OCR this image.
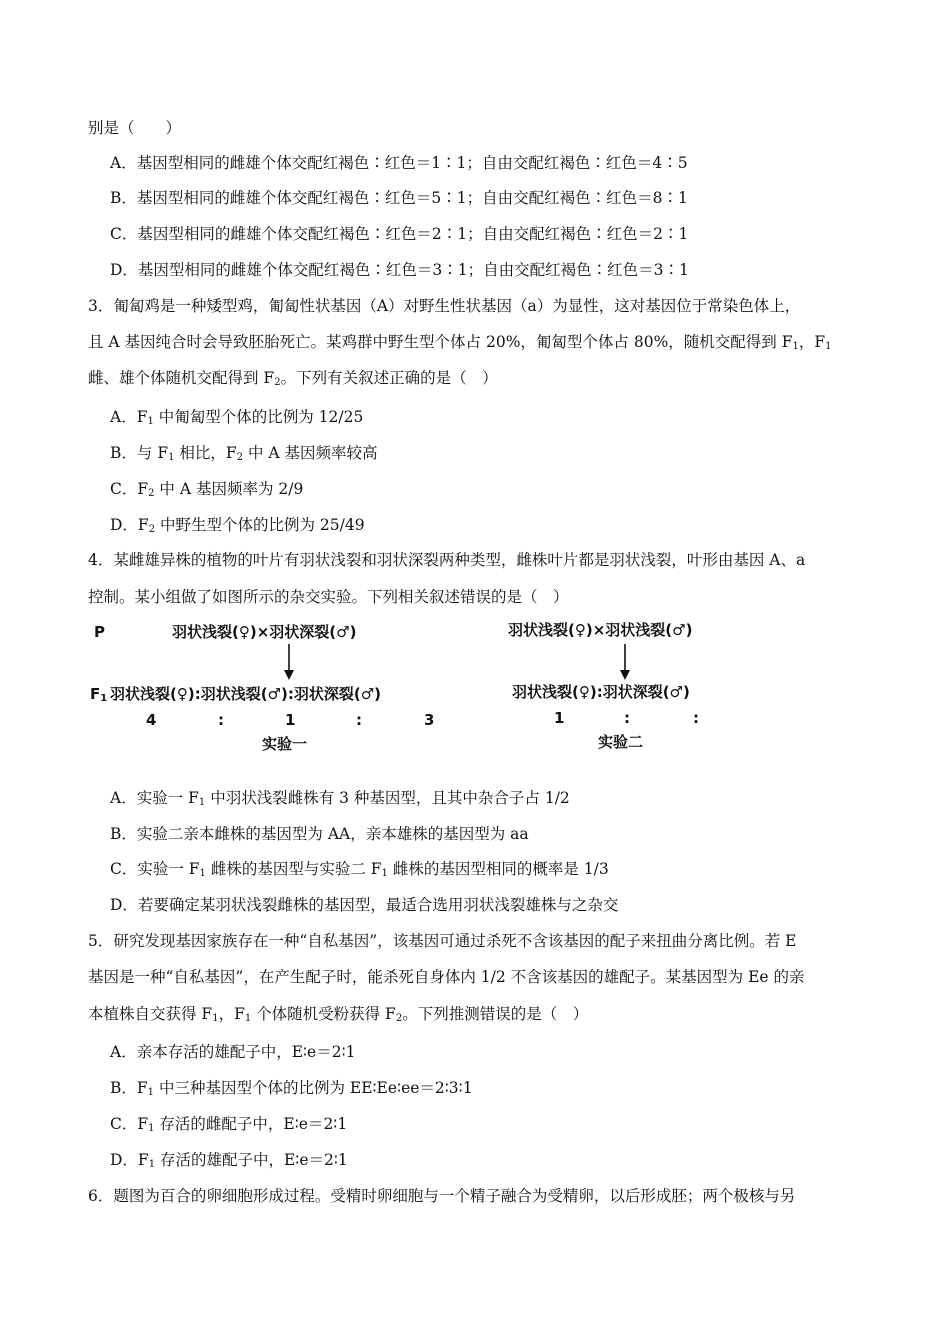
别是（　　）
A．基因型相同的雌雄个体交配红褐色∶红色＝1∶1；自由交配红褐色∶红色＝4∶5
B．基因型相同的雌雄个体交配红褐色∶红色＝5∶1；自由交配红褐色∶红色＝8∶1
C．基因型相同的雌雄个体交配红褐色∶红色＝2∶1；自由交配红褐色∶红色＝2∶1
D．基因型相同的雌雄个体交配红褐色∶红色＝3∶1；自由交配红褐色∶红色＝3∶1
3．匍匐鸡是一种矮型鸡，匍匐性状基因（A）对野生性状基因（a）为显性，这对基因位于常染色体上，
且 A 基因纯合时会导致胚胎死亡。某鸡群中野生型个体占 20%，匍匐型个体占 80%，随机交配得到 $F_1$，$F_1$
雌、雄个体随机交配得到 $F_2$。下列有关叙述正确的是（　）
A．$F_1$ 中匍匐型个体的比例为 12/25
B．与 $F_1$ 相比，$F_2$ 中 A 基因频率较高
C．$F_2$ 中 A 基因频率为 2/9
D．$F_2$ 中野生型个体的比例为 25/49
4．某雌雄异株的植物的叶片有羽状浅裂和羽状深裂两种类型，雌株叶片都是羽状浅裂，叶形由基因 A、a
控制。某小组做了如图所示的杂交实验。下列相关叙述错误的是（　）
P	羽状浅裂(♀)×羽状深裂(♂)	羽状浅裂(♀)×羽状浅裂(♂)
$F_1$ 羽状浅裂(♀):羽状浅裂(♂):羽状深裂(♂)	羽状浅裂(♀):羽状深裂(♂)
4	:	1	:	3	1	:
:
实验一	实验二
A．实验一 $F_1$ 中羽状浅裂雌株有 3 种基因型，且其中杂合子占 1/2
B．实验二亲本雌株的基因型为 AA，亲本雄株的基因型为 aa
C．实验一 $F_1$ 雌株的基因型与实验二 $F_1$ 雌株的基因型相同的概率是 1/3
D．若要确定某羽状浅裂雌株的基因型，最适合选用羽状浅裂雄株与之杂交
5．研究发现基因家族存在一种“自私基因”，该基因可通过杀死不含该基因的配子来扭曲分离比例。若 E
基因是一种“自私基因”，在产生配子时，能杀死自身体内 1/2 不含该基因的雄配子。某基因型为 Ee 的亲
本植株自交获得 $F_1$，$F_1$ 个体随机受粉获得 $F_2$。下列推测错误的是（　）
A．亲本存活的雄配子中，E∶e＝2∶1
B．$F_1$ 中三种基因型个体的比例为 EE∶Ee∶ee＝2∶3∶1
C．$F_1$ 存活的雌配子中，E∶e＝2∶1
D．$F_1$ 存活的雄配子中，E∶e＝2∶1
6．题图为百合的卵细胞形成过程。受精时卵细胞与一个精子融合为受精卵，以后形成胚；两个极核与另
